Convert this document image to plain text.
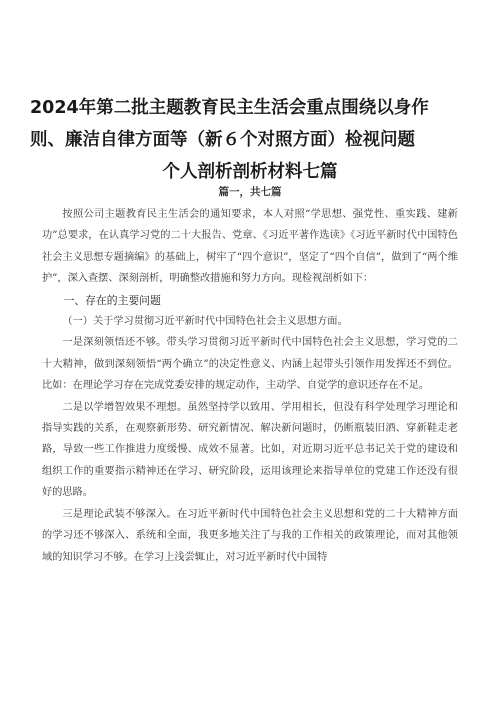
2024年第二批主题教育民主生活会重点围绕以身作
则、廉洁自律方面等（新６个对照方面）检视问题
个人剖析剖析材料七篇
篇一，共七篇

按照公司主题教育民主生活会的通知要求，本人对照“学思想、强党性、重实践、建新功”总要求，在认真学习党的二十大报告、党章、《习近平著作选读》《习近平新时代中国特色社会主义思想专题摘编》的基础上，树牢了“四个意识”，坚定了“四个自信”，做到了“两个维护”，深入查摆、深刻剖析，明确整改措施和努力方向。现检视剖析如下：

一、存在的主要问题

（一）关于学习贯彻习近平新时代中国特色社会主义思想方面。

一是深刻领悟还不够。带头学习贯彻习近平新时代中国特色社会主义思想，学习党的二十大精神，做到深刻领悟“两个确立”的决定性意义、内涵上起带头引领作用发挥还不到位。比如：在理论学习存在完成党委安排的规定动作，主动学、自觉学的意识还存在不足。

二是以学增智效果不理想。虽然坚持学以致用、学用相长，但没有科学处理学习理论和指导实践的关系，在观察新形势、研究新情况、解决新问题时，仍断瓶装旧酒、穿新鞋走老路，导致一些工作推进力度缓慢、成效不显著。比如，对近期习近平总书记关于党的建设和组织工作的重要指示精神还在学习、研究阶段，运用该理论来指导单位的党建工作还没有很好的思路。

三是理论武装不够深入。在习近平新时代中国特色社会主义思想和党的二十大精神方面的学习还不够深入、系统和全面，我更多地关注了与我的工作相关的政策理论，而对其他领域的知识学习不够。在学习上浅尝辄止，对习近平新时代中国特
